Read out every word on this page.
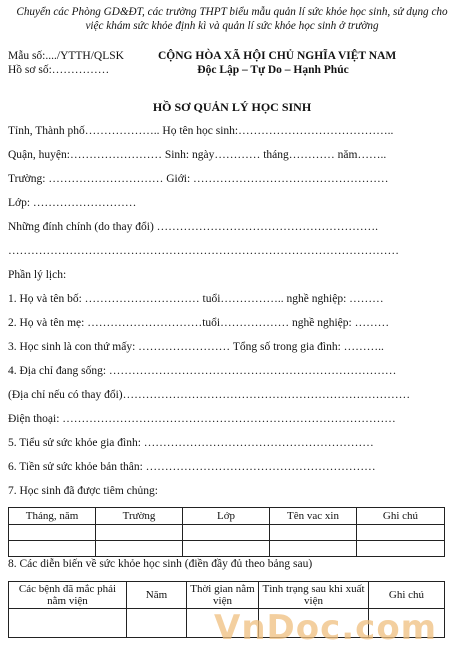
Chuyển các Phòng GD&ĐT, các trường THPT biểu mẫu quản lí sức khỏe học sinh, sử dụng cho việc khám sức khỏe định kì và quản lí sức khỏe học sinh ở trường
Mẫu số:..../YTTH/QLSK
Hồ sơ số:……………
CỘNG HÒA XÃ HỘI CHỦ NGHĨA VIỆT NAM
Độc Lập – Tự Do – Hạnh Phúc
HỒ SƠ QUẢN LÝ HỌC SINH
Tỉnh, Thành phố……………….. Họ tên học sinh:…………………………………..
Quận, huyện:…………………… Sinh: ngày………… tháng………… năm……..
Trường: ………………………… Giới: ……………………………………………
Lớp: ………………………
Những đính chính (do thay đổi) ………………………………………………….
…………………………………………………………………………………………
Phần lý lịch:
1. Họ và tên bố: ………………………… tuổi…………….. nghề nghiệp: ………
2. Họ và tên mẹ: …………………………tuổi……………… nghề nghiệp: ………
3. Học sinh là con thứ mấy: …………………… Tổng số trong gia đình: ………..
4. Địa chỉ đang sống: …………………………………………………………………
(Địa chỉ nếu có thay đổi)…………………………………………………………………
Điện thoại: ……………………………………………………………………………
5. Tiểu sử sức khỏe gia đình: ……………………………………………………
6. Tiền sử sức khỏe bản thân: ……………………………………………………
7. Học sinh đã được tiêm chủng:
Tháng, năm	Trường	Lớp	Tên vac xin	Ghi chú

8. Các diễn biến về sức khỏe học sinh (điền đầy đủ theo bảng sau)
Các bệnh đã mắc phải nằm viện	Năm	Thời gian nằm viện	Tình trạng sau khi xuất viện	Ghi chú

VnDoc.com
